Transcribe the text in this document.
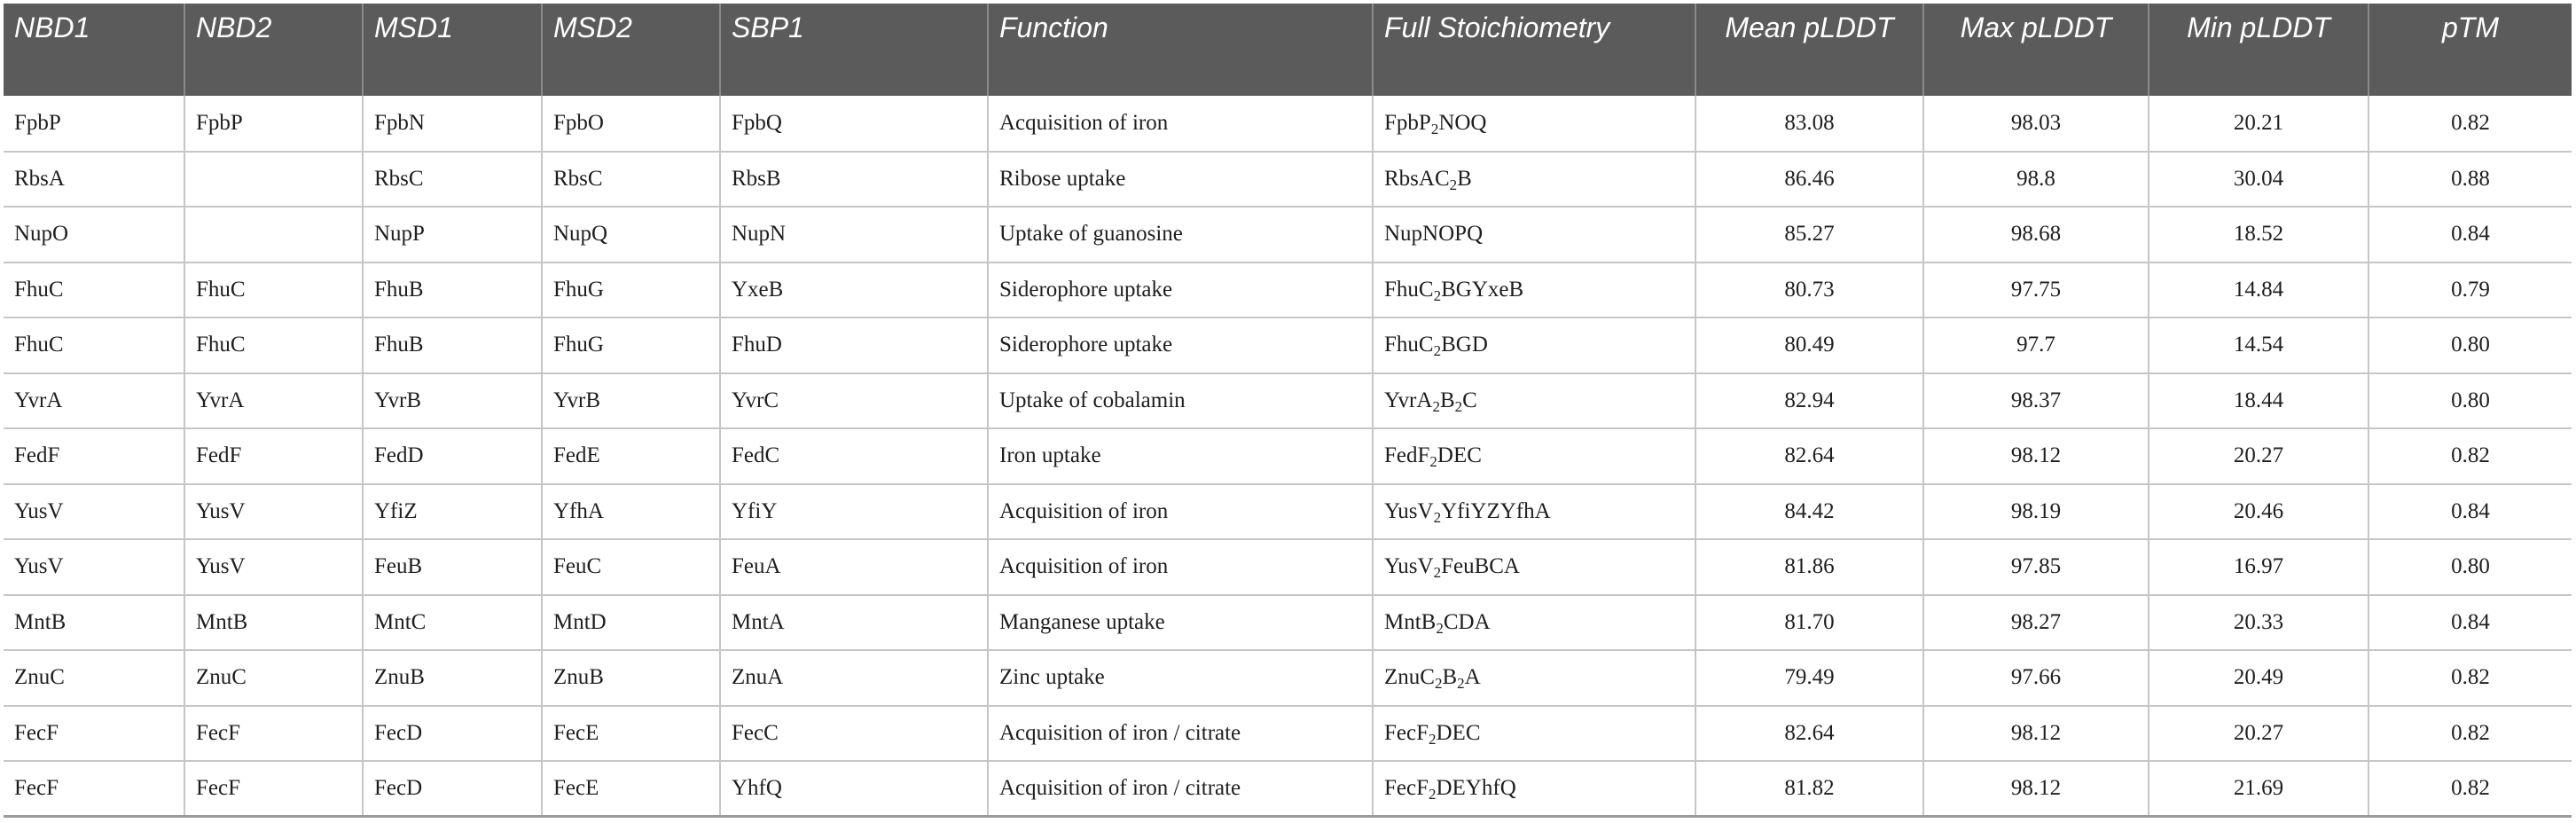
NBD1	NBD2	MSD1	MSD2	SBP1	Function	Full Stoichiometry	Mean pLDDT	Max pLDDT	Min pLDDT	pTM
FpbP	FpbP	FpbN	FpbO	FpbQ	Acquisition of iron	FpbP$_2$NOQ	83.08	98.03	20.21	0.82
RbsA		RbsC	RbsC	RbsB	Ribose uptake	RbsAC$_2$B	86.46	98.8	30.04	0.88
NupO		NupP	NupQ	NupN	Uptake of guanosine	NupNOPQ	85.27	98.68	18.52	0.84
FhuC	FhuC	FhuB	FhuG	YxeB	Siderophore uptake	FhuC$_2$BGYxeB	80.73	97.75	14.84	0.79
FhuC	FhuC	FhuB	FhuG	FhuD	Siderophore uptake	FhuC$_2$BGD	80.49	97.7	14.54	0.80
YvrA	YvrA	YvrB	YvrB	YvrC	Uptake of cobalamin	$YvrA_2B_2C$	82.94	98.37	18.44	0.80
FedF	FedF	FedD	FedE	FedC	Iron uptake	FedF$_2$DEC	82.64	98.12	20.27	0.82
YusV	YusV	YfiZ	YfhA	YfiY	Acquisition of iron	YusV$_2$YfiYZYfhA	84.42	98.19	20.46	0.84
YusV	YusV	FeuB	FeuC	FeuA	Acquisition of iron	YusV$_2$FeuBCA	81.86	97.85	16.97	0.80
MntB	MntB	MntC	MntD	MntA	Manganese uptake	MntB$_2$CDA	81.70	98.27	20.33	0.84
ZnuC	ZnuC	ZnuB	ZnuB	ZnuA	Zinc uptake	$ZnuC_2B_2A$	79.49	97.66	20.49	0.82
FecF	FecF	FecD	FecE	FecC	Acquisition of iron / citrate	FecF$_2$DEC	82.64	98.12	20.27	0.82
FecF	FecF	FecD	FecE	YhfQ	Acquisition of iron / citrate	FecF$_2$DEYhfQ	81.82	98.12	21.69	0.82
